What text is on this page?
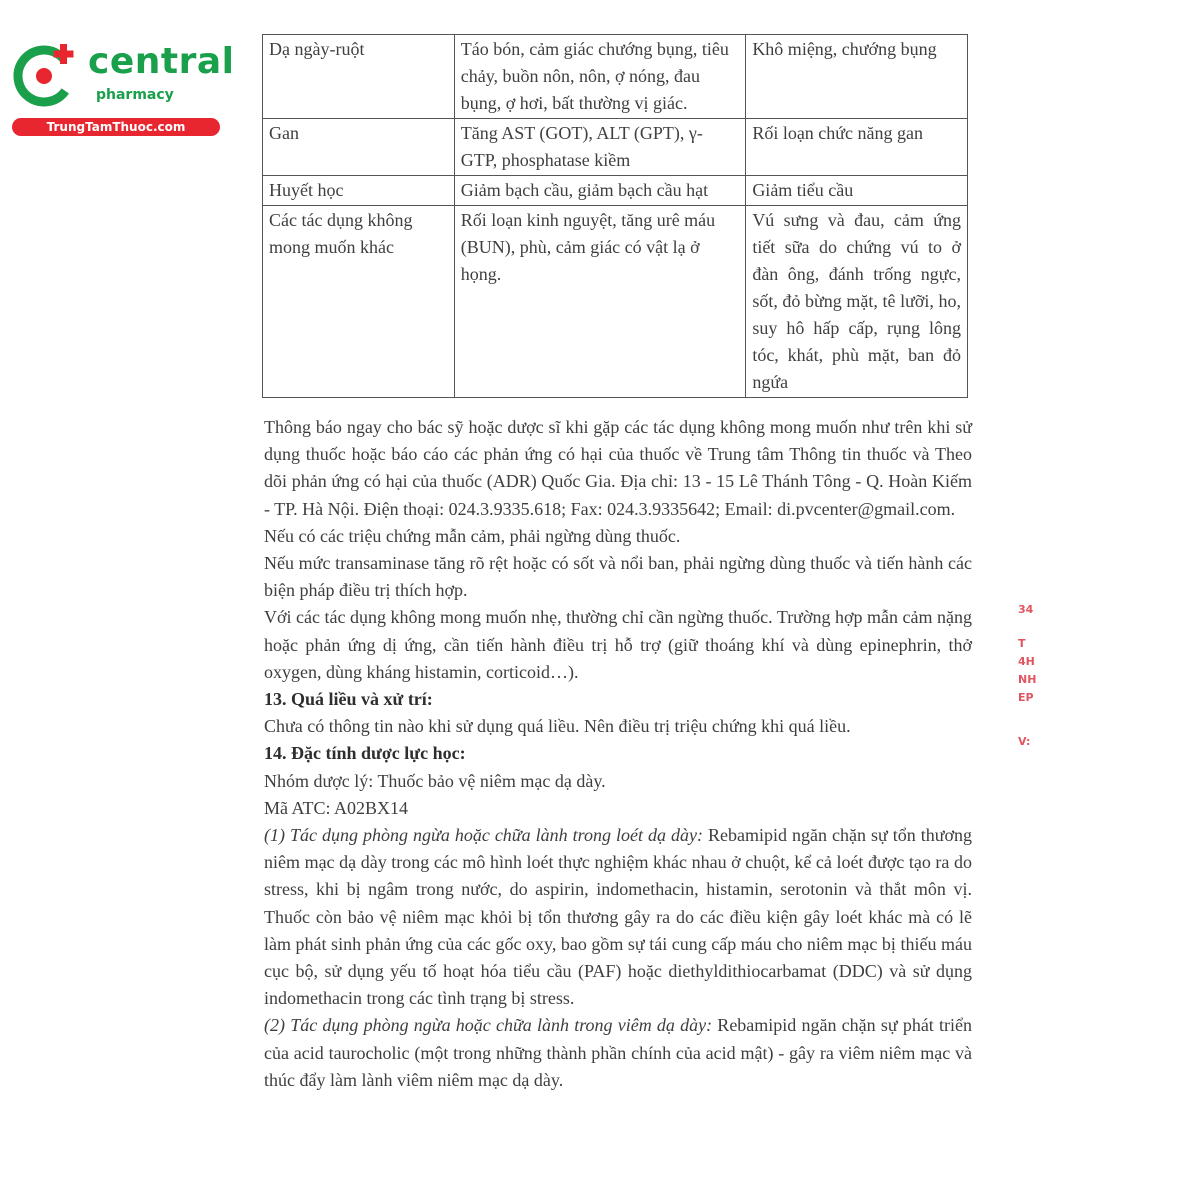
central
pharmacy
TrungTamThuoc.com
Dạ ngày-ruột	Táo bón, cảm giác chướng bụng, tiêu chảy, buồn nôn, nôn, ợ nóng, đau bụng, ợ hơi, bất thường vị giác.	Khô miệng, chướng bụng
Gan	Tăng AST (GOT), ALT (GPT), γ-GTP, phosphatase kiềm	Rối loạn chức năng gan
Huyết học	Giảm bạch cầu, giảm bạch cầu hạt	Giảm tiểu cầu
Các tác dụng không mong muốn khác	Rối loạn kinh nguyệt, tăng urê máu (BUN), phù, cảm giác có vật lạ ở họng.	Vú sưng và đau, cảm ứng tiết sữa do chứng vú to ở đàn ông, đánh trống ngực, sốt, đỏ bừng mặt, tê lưỡi, ho, suy hô hấp cấp, rụng lông tóc, khát, phù mặt, ban đỏ ngứa

Thông báo ngay cho bác sỹ hoặc dược sĩ khi gặp các tác dụng không mong muốn như trên khi sử dụng thuốc hoặc báo cáo các phản ứng có hại của thuốc về Trung tâm Thông tin thuốc và Theo dõi phản ứng có hại của thuốc (ADR) Quốc Gia. Địa chỉ: 13 - 15 Lê Thánh Tông - Q. Hoàn Kiếm - TP. Hà Nội. Điện thoại: 024.3.9335.618; Fax: 024.3.9335642; Email: di.pvcenter@gmail.com.

Nếu có các triệu chứng mẫn cảm, phải ngừng dùng thuốc.

Nếu mức transaminase tăng rõ rệt hoặc có sốt và nổi ban, phải ngừng dùng thuốc và tiến hành các biện pháp điều trị thích hợp.

Với các tác dụng không mong muốn nhẹ, thường chỉ cần ngừng thuốc. Trường hợp mẫn cảm nặng hoặc phản ứng dị ứng, cần tiến hành điều trị hỗ trợ (giữ thoáng khí và dùng epinephrin, thở oxygen, dùng kháng histamin, corticoid…).

13. Quá liều và xử trí:

Chưa có thông tin nào khi sử dụng quá liều. Nên điều trị triệu chứng khi quá liều.

14. Đặc tính dược lực học:

Nhóm dược lý: Thuốc bảo vệ niêm mạc dạ dày.

Mã ATC: A02BX14

(1) Tác dụng phòng ngừa hoặc chữa lành trong loét dạ dày: Rebamipid ngăn chặn sự tổn thương niêm mạc dạ dày trong các mô hình loét thực nghiệm khác nhau ở chuột, kể cả loét được tạo ra do stress, khi bị ngâm trong nước, do aspirin, indomethacin, histamin, serotonin và thắt môn vị. Thuốc còn bảo vệ niêm mạc khỏi bị tổn thương gây ra do các điều kiện gây loét khác mà có lẽ làm phát sinh phản ứng của các gốc oxy, bao gồm sự tái cung cấp máu cho niêm mạc bị thiếu máu cục bộ, sử dụng yếu tố hoạt hóa tiểu cầu (PAF) hoặc diethyldithiocarbamat (DDC) và sử dụng indomethacin trong các tình trạng bị stress.

(2) Tác dụng phòng ngừa hoặc chữa lành trong viêm dạ dày: Rebamipid ngăn chặn sự phát triển của acid taurocholic (một trong những thành phần chính của acid mật) - gây ra viêm niêm mạc và thúc đẩy làm lành viêm niêm mạc dạ dày.

34
T
4H
NH
EP
V:
